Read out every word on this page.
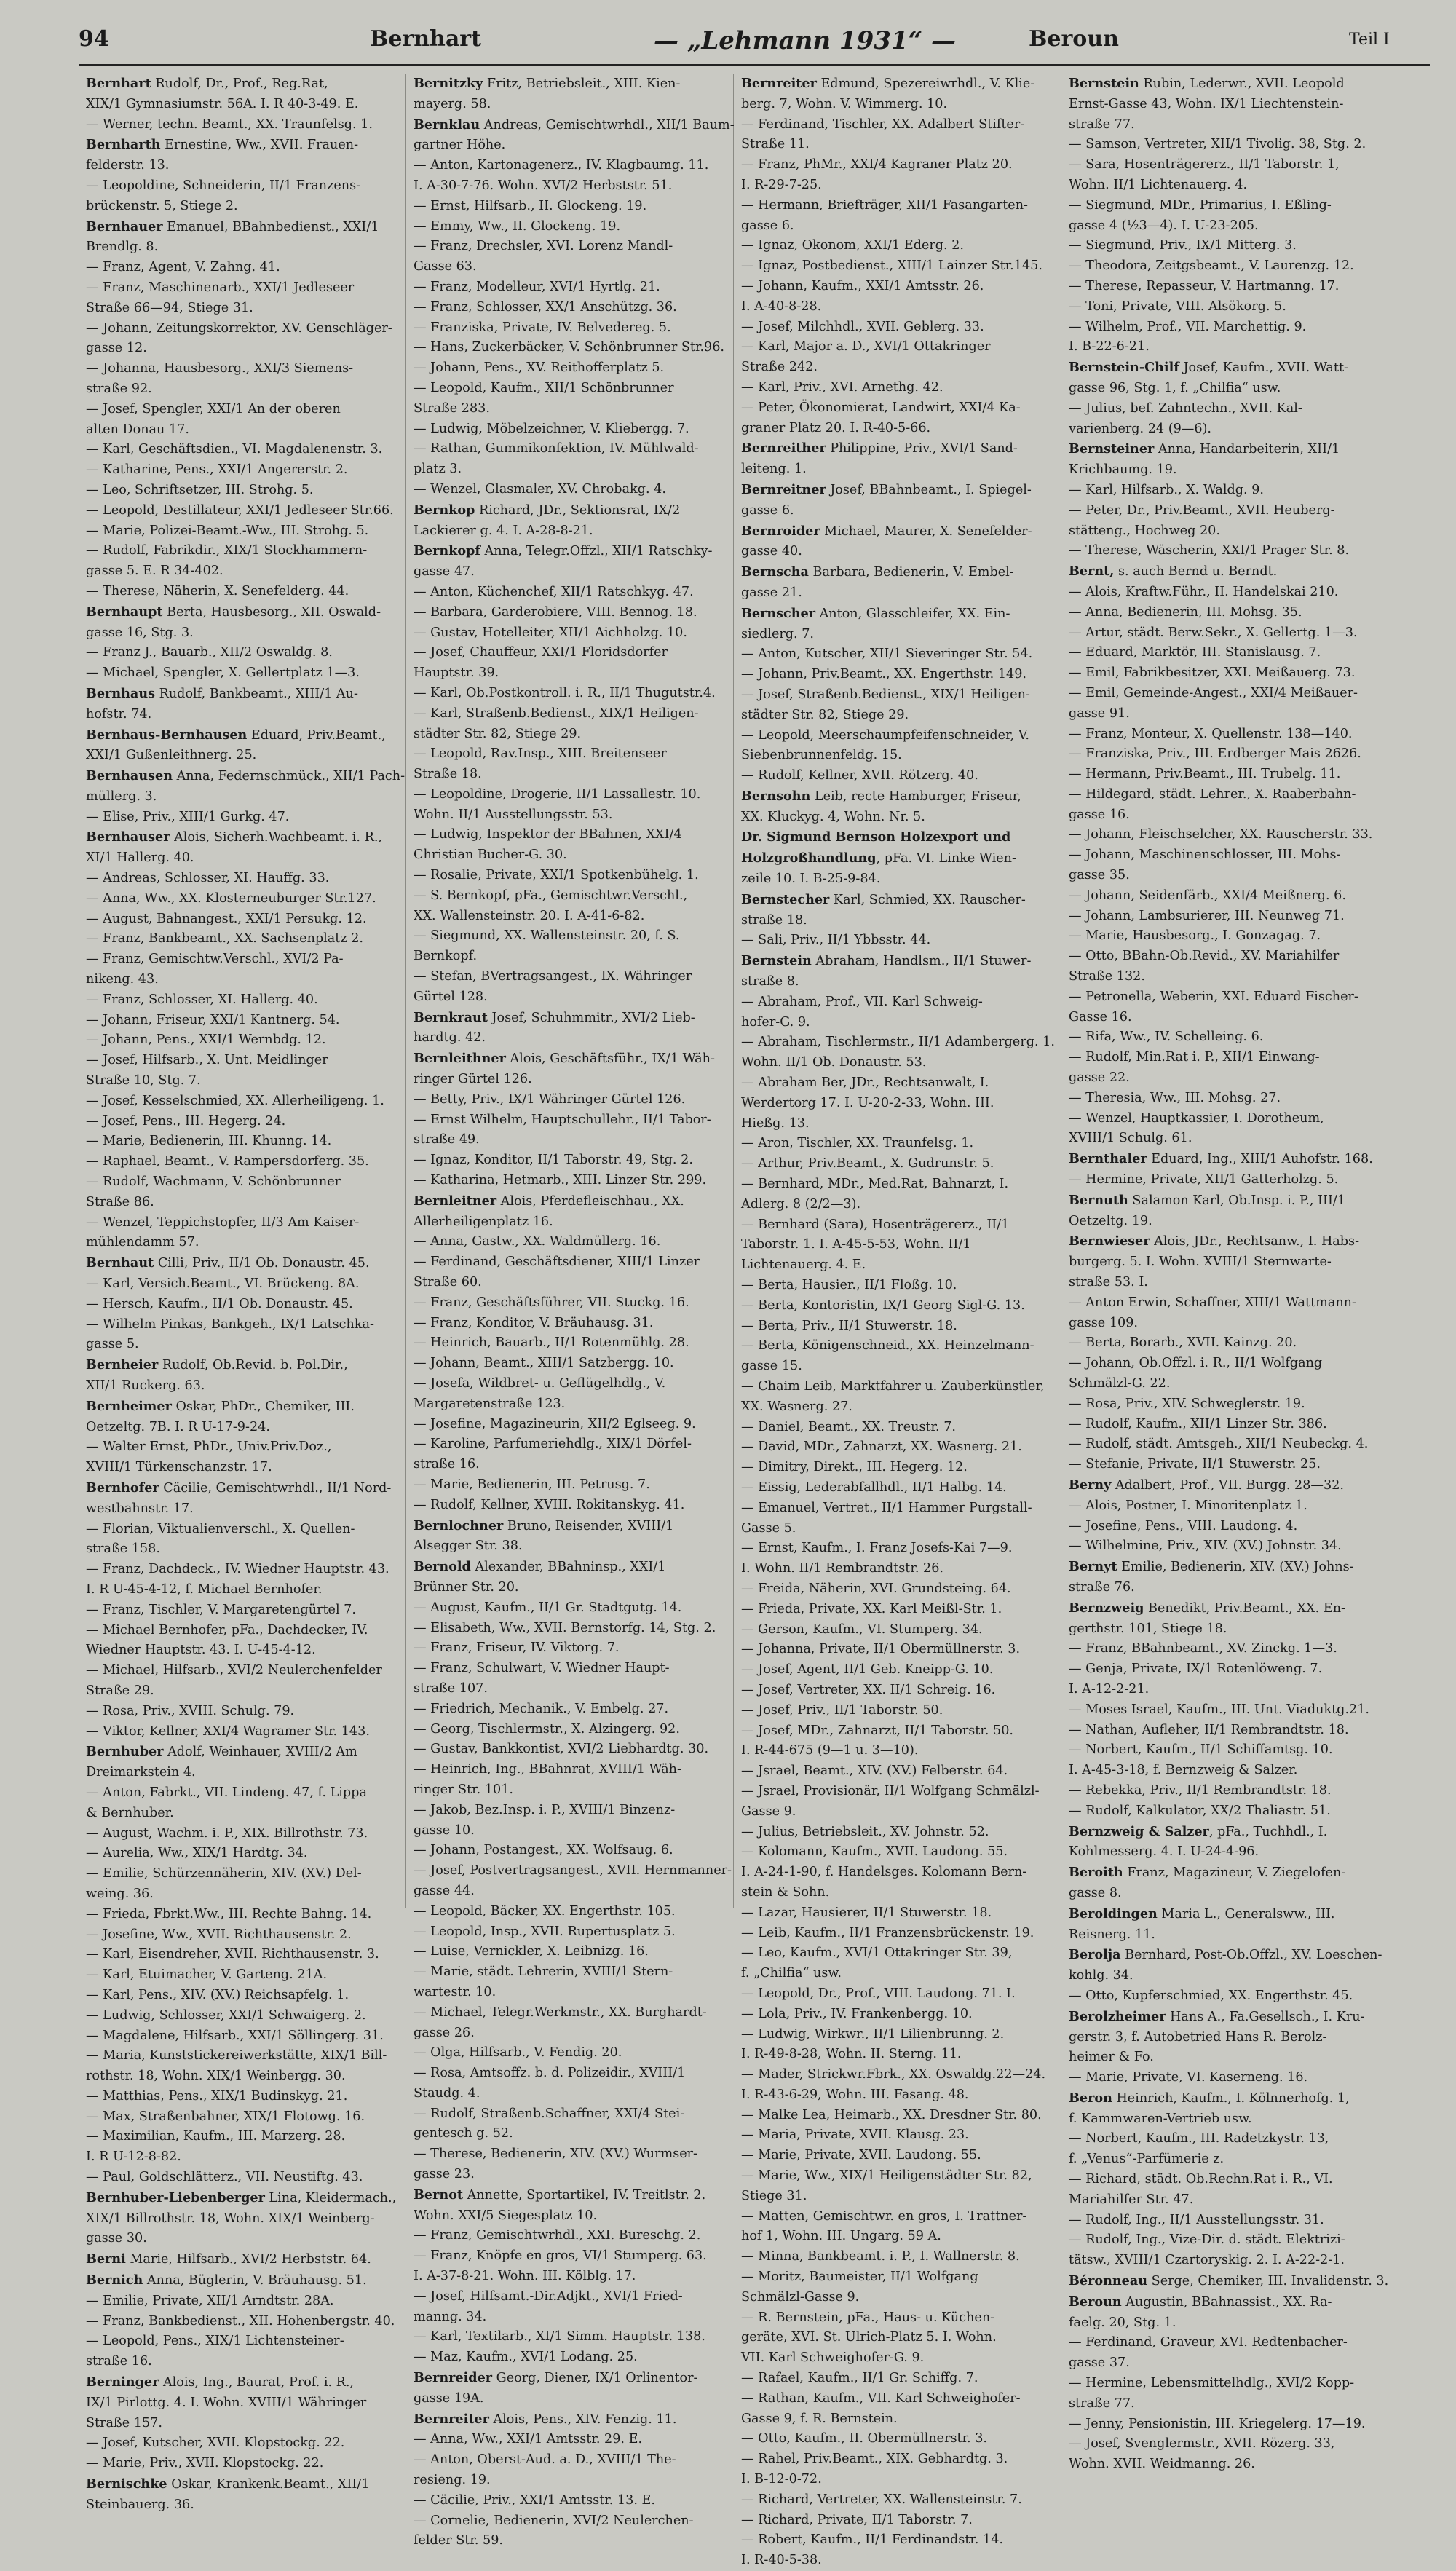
94	Bernhart	— „Lehmann 1931“ —	Beroun	Teil I

Bernhart Rudolf, Dr., Prof., Reg.Rat,

XIX/1 Gymnasiumstr. 56A. I. R 40-3-49. E.

— Werner, techn. Beamt., XX. Traunfelsg. 1.

Bernharth Ernestine, Ww., XVII. Frauen-

felderstr. 13.

— Leopoldine, Schneiderin, II/1 Franzens-

brückenstr. 5, Stiege 2.

Bernhauer Emanuel, BBahnbedienst., XXI/1

Brendlg. 8.

— Franz, Agent, V. Zahng. 41.

— Franz, Maschinenarb., XXI/1 Jedleseer

Straße 66—94, Stiege 31.

— Johann, Zeitungskorrektor, XV. Genschläger-

gasse 12.

— Johanna, Hausbesorg., XXI/3 Siemens-

straße 92.

— Josef, Spengler, XXI/1 An der oberen

alten Donau 17.

— Karl, Geschäftsdien., VI. Magdalenenstr. 3.

— Katharine, Pens., XXI/1 Angererstr. 2.

— Leo, Schriftsetzer, III. Strohg. 5.

— Leopold, Destillateur, XXI/1 Jedleseer Str.66.

— Marie, Polizei-Beamt.-Ww., III. Strohg. 5.

— Rudolf, Fabrikdir., XIX/1 Stockhammern-

gasse 5. E. R 34-402.

— Therese, Näherin, X. Senefelderg. 44.

Bernhaupt Berta, Hausbesorg., XII. Oswald-

gasse 16, Stg. 3.

— Franz J., Bauarb., XII/2 Oswaldg. 8.

— Michael, Spengler, X. Gellertplatz 1—3.

Bernhaus Rudolf, Bankbeamt., XIII/1 Au-

hofstr. 74.

Bernhaus-Bernhausen Eduard, Priv.Beamt.,

XXI/1 Gußenleithnerg. 25.

Bernhausen Anna, Federnschmück., XII/1 Pach-

müllerg. 3.

— Elise, Priv., XIII/1 Gurkg. 47.

Bernhauser Alois, Sicherh.Wachbeamt. i. R.,

XI/1 Hallerg. 40.

— Andreas, Schlosser, XI. Hauffg. 33.

— Anna, Ww., XX. Klosterneuburger Str.127.

— August, Bahnangest., XXI/1 Persukg. 12.

— Franz, Bankbeamt., XX. Sachsenplatz 2.

— Franz, Gemischtw.Verschl., XVI/2 Pa-

nikeng. 43.

— Franz, Schlosser, XI. Hallerg. 40.

— Johann, Friseur, XXI/1 Kantnerg. 54.

— Johann, Pens., XXI/1 Wernbdg. 12.

— Josef, Hilfsarb., X. Unt. Meidlinger

Straße 10, Stg. 7.

— Josef, Kesselschmied, XX. Allerheiligeng. 1.

— Josef, Pens., III. Hegerg. 24.

— Marie, Bedienerin, III. Khunng. 14.

— Raphael, Beamt., V. Rampersdorferg. 35.

— Rudolf, Wachmann, V. Schönbrunner

Straße 86.

— Wenzel, Teppichstopfer, II/3 Am Kaiser-

mühlendamm 57.

Bernhaut Cilli, Priv., II/1 Ob. Donaustr. 45.

— Karl, Versich.Beamt., VI. Brückeng. 8A.

— Hersch, Kaufm., II/1 Ob. Donaustr. 45.

— Wilhelm Pinkas, Bankgeh., IX/1 Latschka-

gasse 5.

Bernheier Rudolf, Ob.Revid. b. Pol.Dir.,

XII/1 Ruckerg. 63.

Bernheimer Oskar, PhDr., Chemiker, III.

Oetzeltg. 7B. I. R U-17-9-24.

— Walter Ernst, PhDr., Univ.Priv.Doz.,

XVIII/1 Türkenschanzstr. 17.

Bernhofer Cäcilie, Gemischtwrhdl., II/1 Nord-

westbahnstr. 17.

— Florian, Viktualienverschl., X. Quellen-

straße 158.

— Franz, Dachdeck., IV. Wiedner Hauptstr. 43.

I. R U-45-4-12, f. Michael Bernhofer.

— Franz, Tischler, V. Margaretengürtel 7.

— Michael Bernhofer, pFa., Dachdecker, IV.

Wiedner Hauptstr. 43. I. U-45-4-12.

— Michael, Hilfsarb., XVI/2 Neulerchenfelder

Straße 29.

— Rosa, Priv., XVIII. Schulg. 79.

— Viktor, Kellner, XXI/4 Wagramer Str. 143.

Bernhuber Adolf, Weinhauer, XVIII/2 Am

Dreimarkstein 4.

— Anton, Fabrkt., VII. Lindeng. 47, f. Lippa

& Bernhuber.

— August, Wachm. i. P., XIX. Billrothstr. 73.

— Aurelia, Ww., XIX/1 Hardtg. 34.

— Emilie, Schürzennäherin, XIV. (XV.) Del-

weing. 36.

— Frieda, Fbrkt.Ww., III. Rechte Bahng. 14.

— Josefine, Ww., XVII. Richthausenstr. 2.

— Karl, Eisendreher, XVII. Richthausenstr. 3.

— Karl, Etuimacher, V. Garteng. 21A.

— Karl, Pens., XIV. (XV.) Reichsapfelg. 1.

— Ludwig, Schlosser, XXI/1 Schwaigerg. 2.

— Magdalene, Hilfsarb., XXI/1 Söllingerg. 31.

— Maria, Kunststickereiwerkstätte, XIX/1 Bill-

rothstr. 18, Wohn. XIX/1 Weinbergg. 30.

— Matthias, Pens., XIX/1 Budinskyg. 21.

— Max, Straßenbahner, XIX/1 Flotowg. 16.

— Maximilian, Kaufm., III. Marzerg. 28.

I. R U-12-8-82.

— Paul, Goldschlätterz., VII. Neustiftg. 43.

Bernhuber-Liebenberger Lina, Kleidermach.,

XIX/1 Billrothstr. 18, Wohn. XIX/1 Weinberg-

gasse 30.

Berni Marie, Hilfsarb., XVI/2 Herbststr. 64.

Bernich Anna, Büglerin, V. Bräuhausg. 51.

— Emilie, Private, XII/1 Arndtstr. 28A.

— Franz, Bankbedienst., XII. Hohenbergstr. 40.

— Leopold, Pens., XIX/1 Lichtensteiner-

straße 16.

Berninger Alois, Ing., Baurat, Prof. i. R.,

IX/1 Pirlottg. 4. I. Wohn. XVIII/1 Währinger

Straße 157.

— Josef, Kutscher, XVII. Klopstockg. 22.

— Marie, Priv., XVII. Klopstockg. 22.

Bernischke Oskar, Krankenk.Beamt., XII/1

Steinbauerg. 36.

Bernitzky Fritz, Betriebsleit., XIII. Kien-

mayerg. 58.

Bernklau Andreas, Gemischtwrhdl., XII/1 Baum-

gartner Höhe.

— Anton, Kartonagenerz., IV. Klagbaumg. 11.

I. A-30-7-76. Wohn. XVI/2 Herbststr. 51.

— Ernst, Hilfsarb., II. Glockeng. 19.

— Emmy, Ww., II. Glockeng. 19.

— Franz, Drechsler, XVI. Lorenz Mandl-

Gasse 63.

— Franz, Modelleur, XVI/1 Hyrtlg. 21.

— Franz, Schlosser, XX/1 Anschützg. 36.

— Franziska, Private, IV. Belvedereg. 5.

— Hans, Zuckerbäcker, V. Schönbrunner Str.96.

— Johann, Pens., XV. Reithofferplatz 5.

— Leopold, Kaufm., XII/1 Schönbrunner

Straße 283.

— Ludwig, Möbelzeichner, V. Kliebergg. 7.

— Rathan, Gummikonfektion, IV. Mühlwald-

platz 3.

— Wenzel, Glasmaler, XV. Chrobakg. 4.

Bernkop Richard, JDr., Sektionsrat, IX/2

Lackierer g. 4. I. A-28-8-21.

Bernkopf Anna, Telegr.Offzl., XII/1 Ratschky-

gasse 47.

— Anton, Küchenchef, XII/1 Ratschkyg. 47.

— Barbara, Garderobiere, VIII. Bennog. 18.

— Gustav, Hotelleiter, XII/1 Aichholzg. 10.

— Josef, Chauffeur, XXI/1 Floridsdorfer

Hauptstr. 39.

— Karl, Ob.Postkontroll. i. R., II/1 Thugutstr.4.

— Karl, Straßenb.Bedienst., XIX/1 Heiligen-

städter Str. 82, Stiege 29.

— Leopold, Rav.Insp., XIII. Breitenseer

Straße 18.

— Leopoldine, Drogerie, II/1 Lassallestr. 10.

Wohn. II/1 Ausstellungsstr. 53.

— Ludwig, Inspektor der BBahnen, XXI/4

Christian Bucher-G. 30.

— Rosalie, Private, XXI/1 Spotkenbühelg. 1.

— S. Bernkopf, pFa., Gemischtwr.Verschl.,

XX. Wallensteinstr. 20. I. A-41-6-82.

— Siegmund, XX. Wallensteinstr. 20, f. S.

Bernkopf.

— Stefan, BVertragsangest., IX. Währinger

Gürtel 128.

Bernkraut Josef, Schuhmmitr., XVI/2 Lieb-

hardtg. 42.

Bernleithner Alois, Geschäftsführ., IX/1 Wäh-

ringer Gürtel 126.

— Betty, Priv., IX/1 Währinger Gürtel 126.

— Ernst Wilhelm, Hauptschullehr., II/1 Tabor-

straße 49.

— Ignaz, Konditor, II/1 Taborstr. 49, Stg. 2.

— Katharina, Hetmarb., XIII. Linzer Str. 299.

Bernleitner Alois, Pferdefleischhau., XX.

Allerheiligenplatz 16.

— Anna, Gastw., XX. Waldmüllerg. 16.

— Ferdinand, Geschäftsdiener, XIII/1 Linzer

Straße 60.

— Franz, Geschäftsführer, VII. Stuckg. 16.

— Franz, Konditor, V. Bräuhausg. 31.

— Heinrich, Bauarb., II/1 Rotenmühlg. 28.

— Johann, Beamt., XIII/1 Satzbergg. 10.

— Josefa, Wildbret- u. Geflügelhdlg., V.

Margaretenstraße 123.

— Josefine, Magazineurin, XII/2 Eglseeg. 9.

— Karoline, Parfumeriehdlg., XIX/1 Dörfel-

straße 16.

— Marie, Bedienerin, III. Petrusg. 7.

— Rudolf, Kellner, XVIII. Rokitanskyg. 41.

Bernlochner Bruno, Reisender, XVIII/1

Alsegger Str. 38.

Bernold Alexander, BBahninsp., XXI/1

Brünner Str. 20.

— August, Kaufm., II/1 Gr. Stadtgutg. 14.

— Elisabeth, Ww., XVII. Bernstorfg. 14, Stg. 2.

— Franz, Friseur, IV. Viktorg. 7.

— Franz, Schulwart, V. Wiedner Haupt-

straße 107.

— Friedrich, Mechanik., V. Embelg. 27.

— Georg, Tischlermstr., X. Alzingerg. 92.

— Gustav, Bankkontist, XVI/2 Liebhardtg. 30.

— Heinrich, Ing., BBahnrat, XVIII/1 Wäh-

ringer Str. 101.

— Jakob, Bez.Insp. i. P., XVIII/1 Binzenz-

gasse 10.

— Johann, Postangest., XX. Wolfsaug. 6.

— Josef, Postvertragsangest., XVII. Hernmanner-

gasse 44.

— Leopold, Bäcker, XX. Engerthstr. 105.

— Leopold, Insp., XVII. Rupertusplatz 5.

— Luise, Vernickler, X. Leibnizg. 16.

— Marie, städt. Lehrerin, XVIII/1 Stern-

wartestr. 10.

— Michael, Telegr.Werkmstr., XX. Burghardt-

gasse 26.

— Olga, Hilfsarb., V. Fendig. 20.

— Rosa, Amtsoffz. b. d. Polizeidir., XVIII/1

Staudg. 4.

— Rudolf, Straßenb.Schaffner, XXI/4 Stei-

gentesch g. 52.

— Therese, Bedienerin, XIV. (XV.) Wurmser-

gasse 23.

Bernot Annette, Sportartikel, IV. Treitlstr. 2.

Wohn. XXI/5 Siegesplatz 10.

— Franz, Gemischtwrhdl., XXI. Bureschg. 2.

— Franz, Knöpfe en gros, VI/1 Stumperg. 63.

I. A-37-8-21. Wohn. III. Kölblg. 17.

— Josef, Hilfsamt.-Dir.Adjkt., XVI/1 Fried-

manng. 34.

— Karl, Textilarb., XI/1 Simm. Hauptstr. 138.

— Maz, Kaufm., XVI/1 Lodang. 25.

Bernreider Georg, Diener, IX/1 Orlinentor-

gasse 19A.

Bernreiter Alois, Pens., XIV. Fenzig. 11.

— Anna, Ww., XXI/1 Amtsstr. 29. E.

— Anton, Oberst-Aud. a. D., XVIII/1 The-

resieng. 19.

— Cäcilie, Priv., XXI/1 Amtsstr. 13. E.

— Cornelie, Bedienerin, XVI/2 Neulerchen-

felder Str. 59.

Bernreiter Edmund, Spezereiwrhdl., V. Klie-

berg. 7, Wohn. V. Wimmerg. 10.

— Ferdinand, Tischler, XX. Adalbert Stifter-

Straße 11.

— Franz, PhMr., XXI/4 Kagraner Platz 20.

I. R-29-7-25.

— Hermann, Briefträger, XII/1 Fasangarten-

gasse 6.

— Ignaz, Okonom, XXI/1 Ederg. 2.

— Ignaz, Postbedienst., XIII/1 Lainzer Str.145.

— Johann, Kaufm., XXI/1 Amtsstr. 26.

I. A-40-8-28.

— Josef, Milchhdl., XVII. Geblerg. 33.

— Karl, Major a. D., XVI/1 Ottakringer

Straße 242.

— Karl, Priv., XVI. Arnethg. 42.

— Peter, Ökonomierat, Landwirt, XXI/4 Ka-

graner Platz 20. I. R-40-5-66.

Bernreither Philippine, Priv., XVI/1 Sand-

leiteng. 1.

Bernreitner Josef, BBahnbeamt., I. Spiegel-

gasse 6.

Bernroider Michael, Maurer, X. Senefelder-

gasse 40.

Bernscha Barbara, Bedienerin, V. Embel-

gasse 21.

Bernscher Anton, Glasschleifer, XX. Ein-

siedlerg. 7.

— Anton, Kutscher, XII/1 Sieveringer Str. 54.

— Johann, Priv.Beamt., XX. Engerthstr. 149.

— Josef, Straßenb.Bedienst., XIX/1 Heiligen-

städter Str. 82, Stiege 29.

— Leopold, Meerschaumpfeifenschneider, V.

Siebenbrunnenfeldg. 15.

— Rudolf, Kellner, XVII. Rötzerg. 40.

Bernsohn Leib, recte Hamburger, Friseur,

XX. Kluckyg. 4, Wohn. Nr. 5.

Dr. Sigmund Bernson Holzexport und

Holzgroßhandlung, pFa. VI. Linke Wien-

zeile 10. I. B-25-9-84.

Bernstecher Karl, Schmied, XX. Rauscher-

straße 18.

— Sali, Priv., II/1 Ybbsstr. 44.

Bernstein Abraham, Handlsm., II/1 Stuwer-

straße 8.

— Abraham, Prof., VII. Karl Schweig-

hofer-G. 9.

— Abraham, Tischlermstr., II/1 Adambergerg. 1.

Wohn. II/1 Ob. Donaustr. 53.

— Abraham Ber, JDr., Rechtsanwalt, I.

Werdertorg 17. I. U-20-2-33, Wohn. III.

Hießg. 13.

— Aron, Tischler, XX. Traunfelsg. 1.

— Arthur, Priv.Beamt., X. Gudrunstr. 5.

— Bernhard, MDr., Med.Rat, Bahnarzt, I.

Adlerg. 8 (2/2—3).

— Bernhard (Sara), Hosenträgererz., II/1

Taborstr. 1. I. A-45-5-53, Wohn. II/1

Lichtenauerg. 4. E.

— Berta, Hausier., II/1 Floßg. 10.

— Berta, Kontoristin, IX/1 Georg Sigl-G. 13.

— Berta, Priv., II/1 Stuwerstr. 18.

— Berta, Königenschneid., XX. Heinzelmann-

gasse 15.

— Chaim Leib, Marktfahrer u. Zauberkünstler,

XX. Wasnerg. 27.

— Daniel, Beamt., XX. Treustr. 7.

— David, MDr., Zahnarzt, XX. Wasnerg. 21.

— Dimitry, Direkt., III. Hegerg. 12.

— Eissig, Lederabfallhdl., II/1 Halbg. 14.

— Emanuel, Vertret., II/1 Hammer Purgstall-

Gasse 5.

— Ernst, Kaufm., I. Franz Josefs-Kai 7—9.

I. Wohn. II/1 Rembrandtstr. 26.

— Freida, Näherin, XVI. Grundsteing. 64.

— Frieda, Private, XX. Karl Meißl-Str. 1.

— Gerson, Kaufm., VI. Stumperg. 34.

— Johanna, Private, II/1 Obermüllnerstr. 3.

— Josef, Agent, II/1 Geb. Kneipp-G. 10.

— Josef, Vertreter, XX. II/1 Schreig. 16.

— Josef, Priv., II/1 Taborstr. 50.

— Josef, MDr., Zahnarzt, II/1 Taborstr. 50.

I. R-44-675 (9—1 u. 3—10).

— Jsrael, Beamt., XIV. (XV.) Felberstr. 64.

— Jsrael, Provisionär, II/1 Wolfgang Schmälzl-

Gasse 9.

— Julius, Betriebsleit., XV. Johnstr. 52.

— Kolomann, Kaufm., XVII. Laudong. 55.

I. A-24-1-90, f. Handelsges. Kolomann Bern-

stein & Sohn.

— Lazar, Hausierer, II/1 Stuwerstr. 18.

— Leib, Kaufm., II/1 Franzensbrückenstr. 19.

— Leo, Kaufm., XVI/1 Ottakringer Str. 39,

f. „Chilfia“ usw.

— Leopold, Dr., Prof., VIII. Laudong. 71. I.

— Lola, Priv., IV. Frankenbergg. 10.

— Ludwig, Wirkwr., II/1 Lilienbrunng. 2.

I. R-49-8-28, Wohn. II. Sterng. 11.

— Mader, Strickwr.Fbrk., XX. Oswaldg.22—24.

I. R-43-6-29, Wohn. III. Fasang. 48.

— Malke Lea, Heimarb., XX. Dresdner Str. 80.

— Maria, Private, XVII. Klausg. 23.

— Marie, Private, XVII. Laudong. 55.

— Marie, Ww., XIX/1 Heiligenstädter Str. 82,

Stiege 31.

— Matten, Gemischtwr. en gros, I. Trattner-

hof 1, Wohn. III. Ungarg. 59 A.

— Minna, Bankbeamt. i. P., I. Wallnerstr. 8.

— Moritz, Baumeister, II/1 Wolfgang

Schmälzl-Gasse 9.

— R. Bernstein, pFa., Haus- u. Küchen-

geräte, XVI. St. Ulrich-Platz 5. I. Wohn.

VII. Karl Schweighofer-G. 9.

— Rafael, Kaufm., II/1 Gr. Schiffg. 7.

— Rathan, Kaufm., VII. Karl Schweighofer-

Gasse 9, f. R. Bernstein.

— Otto, Kaufm., II. Obermüllnerstr. 3.

— Rahel, Priv.Beamt., XIX. Gebhardtg. 3.

I. B-12-0-72.

— Richard, Vertreter, XX. Wallensteinstr. 7.

— Richard, Private, II/1 Taborstr. 7.

— Robert, Kaufm., II/1 Ferdinandstr. 14.

I. R-40-5-38.

Bernstein Rubin, Lederwr., XVII. Leopold

Ernst-Gasse 43, Wohn. IX/1 Liechtenstein-

straße 77.

— Samson, Vertreter, XII/1 Tivolig. 38, Stg. 2.

— Sara, Hosenträgererz., II/1 Taborstr. 1,

Wohn. II/1 Lichtenauerg. 4.

— Siegmund, MDr., Primarius, I. Eßling-

gasse 4 (½3—4). I. U-23-205.

— Siegmund, Priv., IX/1 Mitterg. 3.

— Theodora, Zeitgsbeamt., V. Laurenzg. 12.

— Therese, Repasseur, V. Hartmanng. 17.

— Toni, Private, VIII. Alsökorg. 5.

— Wilhelm, Prof., VII. Marchettig. 9.

I. B-22-6-21.

Bernstein-Chilf Josef, Kaufm., XVII. Watt-

gasse 96, Stg. 1, f. „Chilfia“ usw.

— Julius, bef. Zahntechn., XVII. Kal-

varienberg. 24 (9—6).

Bernsteiner Anna, Handarbeiterin, XII/1

Krichbaumg. 19.

— Karl, Hilfsarb., X. Waldg. 9.

— Peter, Dr., Priv.Beamt., XVII. Heuberg-

stätteng., Hochweg 20.

— Therese, Wäscherin, XXI/1 Prager Str. 8.

Bernt, s. auch Bernd u. Berndt.

— Alois, Kraftw.Führ., II. Handelskai 210.

— Anna, Bedienerin, III. Mohsg. 35.

— Artur, städt. Berw.Sekr., X. Gellertg. 1—3.

— Eduard, Marktör, III. Stanislausg. 7.

— Emil, Fabrikbesitzer, XXI. Meißauerg. 73.

— Emil, Gemeinde-Angest., XXI/4 Meißauer-

gasse 91.

— Franz, Monteur, X. Quellenstr. 138—140.

— Franziska, Priv., III. Erdberger Mais 2626.

— Hermann, Priv.Beamt., III. Trubelg. 11.

— Hildegard, städt. Lehrer., X. Raaberbahn-

gasse 16.

— Johann, Fleischselcher, XX. Rauscherstr. 33.

— Johann, Maschinenschlosser, III. Mohs-

gasse 35.

— Johann, Seidenfärb., XXI/4 Meißnerg. 6.

— Johann, Lambsurierer, III. Neunweg 71.

— Marie, Hausbesorg., I. Gonzagag. 7.

— Otto, BBahn-Ob.Revid., XV. Mariahilfer

Straße 132.

— Petronella, Weberin, XXI. Eduard Fischer-

Gasse 16.

— Rifa, Ww., IV. Schelleing. 6.

— Rudolf, Min.Rat i. P., XII/1 Einwang-

gasse 22.

— Theresia, Ww., III. Mohsg. 27.

— Wenzel, Hauptkassier, I. Dorotheum,

XVIII/1 Schulg. 61.

Bernthaler Eduard, Ing., XIII/1 Auhofstr. 168.

— Hermine, Private, XII/1 Gatterholzg. 5.

Bernuth Salamon Karl, Ob.Insp. i. P., III/1

Oetzeltg. 19.

Bernwieser Alois, JDr., Rechtsanw., I. Habs-

burgerg. 5. I. Wohn. XVIII/1 Sternwarte-

straße 53. I.

— Anton Erwin, Schaffner, XIII/1 Wattmann-

gasse 109.

— Berta, Borarb., XVII. Kainzg. 20.

— Johann, Ob.Offzl. i. R., II/1 Wolfgang

Schmälzl-G. 22.

— Rosa, Priv., XIV. Schweglerstr. 19.

— Rudolf, Kaufm., XII/1 Linzer Str. 386.

— Rudolf, städt. Amtsgeh., XII/1 Neubeckg. 4.

— Stefanie, Private, II/1 Stuwerstr. 25.

Berny Adalbert, Prof., VII. Burgg. 28—32.

— Alois, Postner, I. Minoritenplatz 1.

— Josefine, Pens., VIII. Laudong. 4.

— Wilhelmine, Priv., XIV. (XV.) Johnstr. 34.

Bernyt Emilie, Bedienerin, XIV. (XV.) Johns-

straße 76.

Bernzweig Benedikt, Priv.Beamt., XX. En-

gerthstr. 101, Stiege 18.

— Franz, BBahnbeamt., XV. Zinckg. 1—3.

— Genja, Private, IX/1 Rotenlöweng. 7.

I. A-12-2-21.

— Moses Israel, Kaufm., III. Unt. Viaduktg.21.

— Nathan, Aufleher, II/1 Rembrandtstr. 18.

— Norbert, Kaufm., II/1 Schiffamtsg. 10.

I. A-45-3-18, f. Bernzweig & Salzer.

— Rebekka, Priv., II/1 Rembrandtstr. 18.

— Rudolf, Kalkulator, XX/2 Thaliastr. 51.

Bernzweig & Salzer, pFa., Tuchhdl., I.

Kohlmesserg. 4. I. U-24-4-96.

Beroith Franz, Magazineur, V. Ziegelofen-

gasse 8.

Beroldingen Maria L., Generalsww., III.

Reisnerg. 11.

Berolja Bernhard, Post-Ob.Offzl., XV. Loeschen-

kohlg. 34.

— Otto, Kupferschmied, XX. Engerthstr. 45.

Berolzheimer Hans A., Fa.Gesellsch., I. Kru-

gerstr. 3, f. Autobetried Hans R. Berolz-

heimer & Fo.

— Marie, Private, VI. Kaserneng. 16.

Beron Heinrich, Kaufm., I. Kölnnerhofg. 1,

f. Kammwaren-Vertrieb usw.

— Norbert, Kaufm., III. Radetzkystr. 13,

f. „Venus“-Parfümerie z.

— Richard, städt. Ob.Rechn.Rat i. R., VI.

Mariahilfer Str. 47.

— Rudolf, Ing., II/1 Ausstellungsstr. 31.

— Rudolf, Ing., Vize-Dir. d. städt. Elektrizi-

tätsw., XVIII/1 Czartoryskig. 2. I. A-22-2-1.

Béronneau Serge, Chemiker, III. Invalidenstr. 3.

Beroun Augustin, BBahnassist., XX. Ra-

faelg. 20, Stg. 1.

— Ferdinand, Graveur, XVI. Redtenbacher-

gasse 37.

— Hermine, Lebensmittelhdlg., XVI/2 Kopp-

straße 77.

— Jenny, Pensionistin, III. Kriegelerg. 17—19.

— Josef, Svenglermstr., XVII. Rözerg. 33,

Wohn. XVII. Weidmanng. 26.
